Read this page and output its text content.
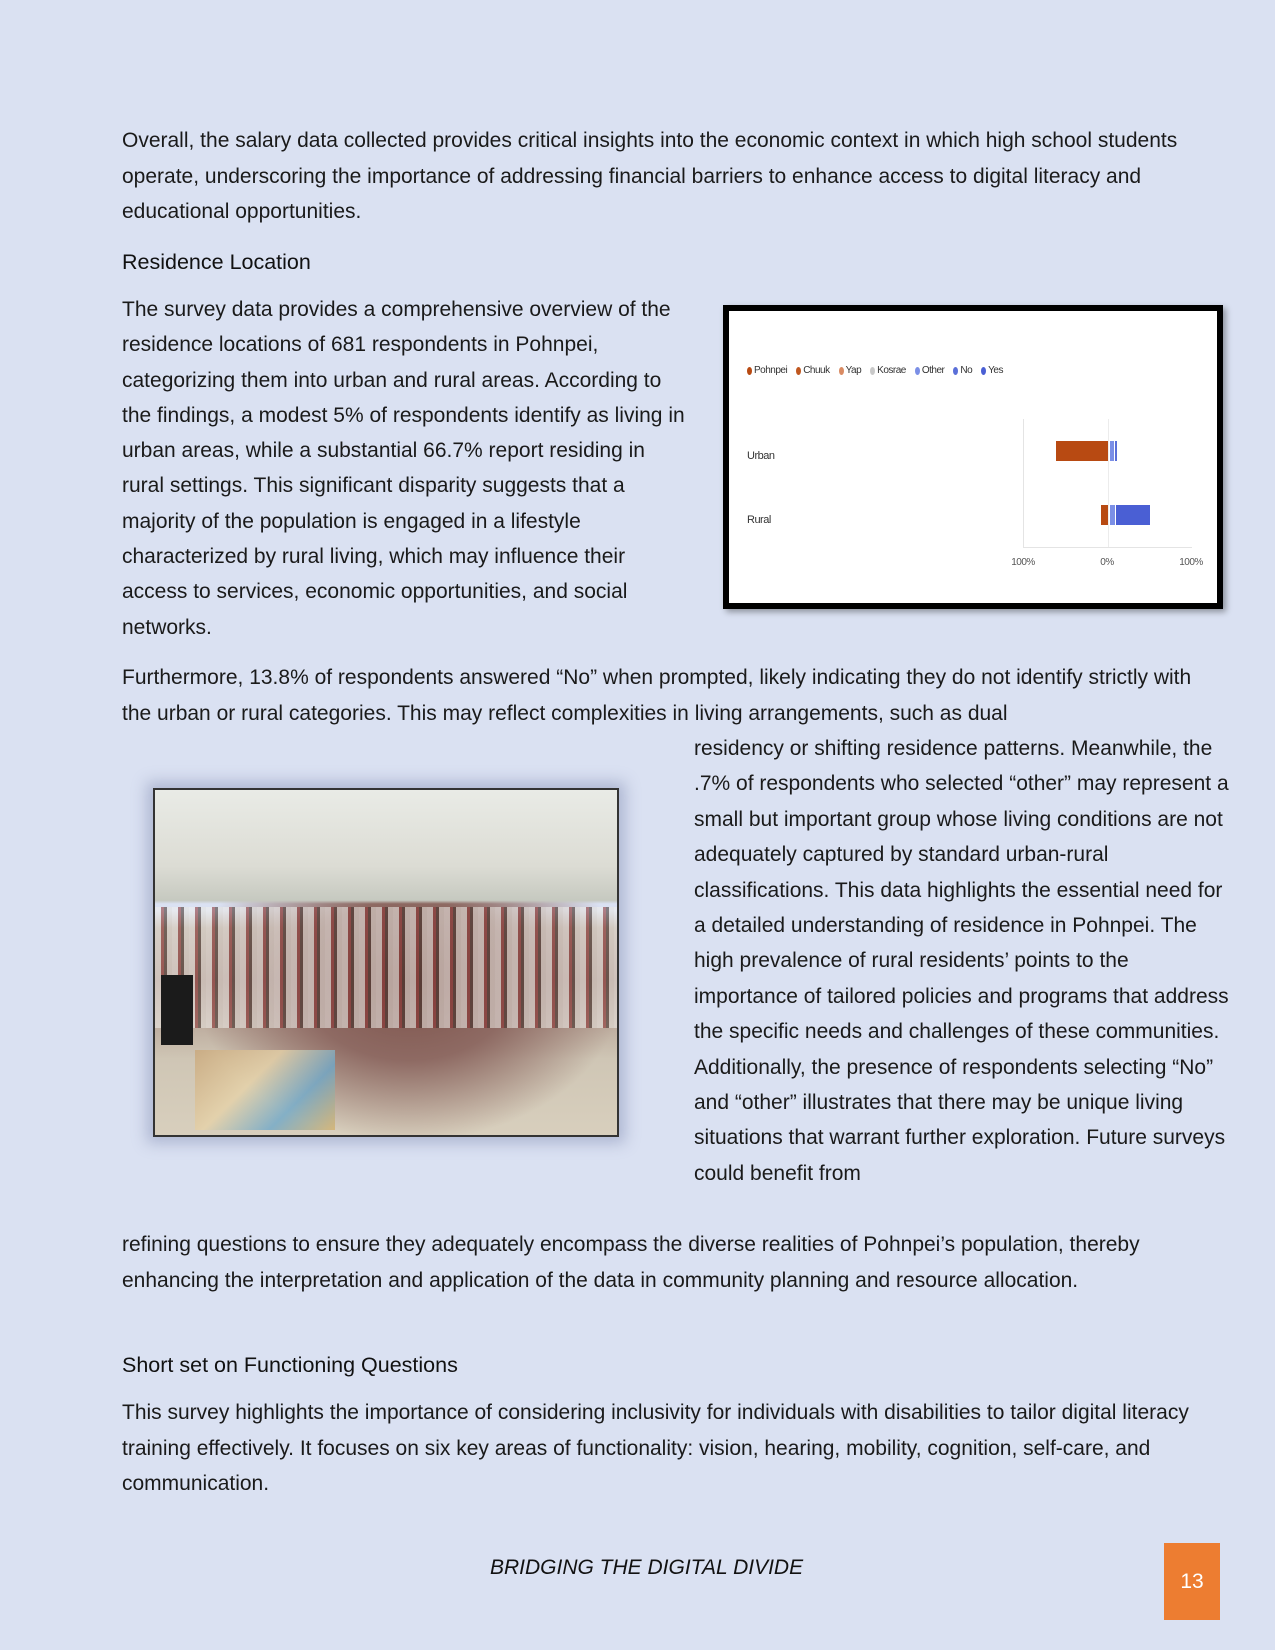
Overall, the salary data collected provides critical insights into the economic context in which high school students operate, underscoring the importance of addressing financial barriers to enhance access to digital literacy and educational opportunities.

Residence Location

The survey data provides a comprehensive overview of the residence locations of 681 respondents in Pohnpei, categorizing them into urban and rural areas. According to the findings, a modest 5% of respondents identify as living in urban areas, while a substantial 66.7% report residing in rural settings. This significant disparity suggests that a majority of the population is engaged in a lifestyle characterized by rural living, which may influence their access to services, economic opportunities, and social networks.

Pohnpei Chuuk Yap Kosrae Other No Yes
Urban
Rural
100%	0%	100%

Furthermore, 13.8% of respondents answered “No” when prompted, likely indicating they do not identify strictly with the urban or rural categories. This may reflect complexities in living arrangements, such as dual

residency or shifting residence patterns. Meanwhile, the .7% of respondents who selected “other” may represent a small but important group whose living conditions are not adequately captured by standard urban-rural classifications. This data highlights the essential need for a detailed understanding of residence in Pohnpei. The high prevalence of rural residents’ points to the importance of tailored policies and programs that address the specific needs and challenges of these communities. Additionally, the presence of respondents selecting “No” and “other” illustrates that there may be unique living situations that warrant further exploration. Future surveys could benefit from

refining questions to ensure they adequately encompass the diverse realities of Pohnpei’s population, thereby enhancing the interpretation and application of the data in community planning and resource allocation.

Short set on Functioning Questions

This survey highlights the importance of considering inclusivity for individuals with disabilities to tailor digital literacy training effectively. It focuses on six key areas of functionality: vision, hearing, mobility, cognition, self-care, and communication.

BRIDGING THE DIGITAL DIVIDE
13
